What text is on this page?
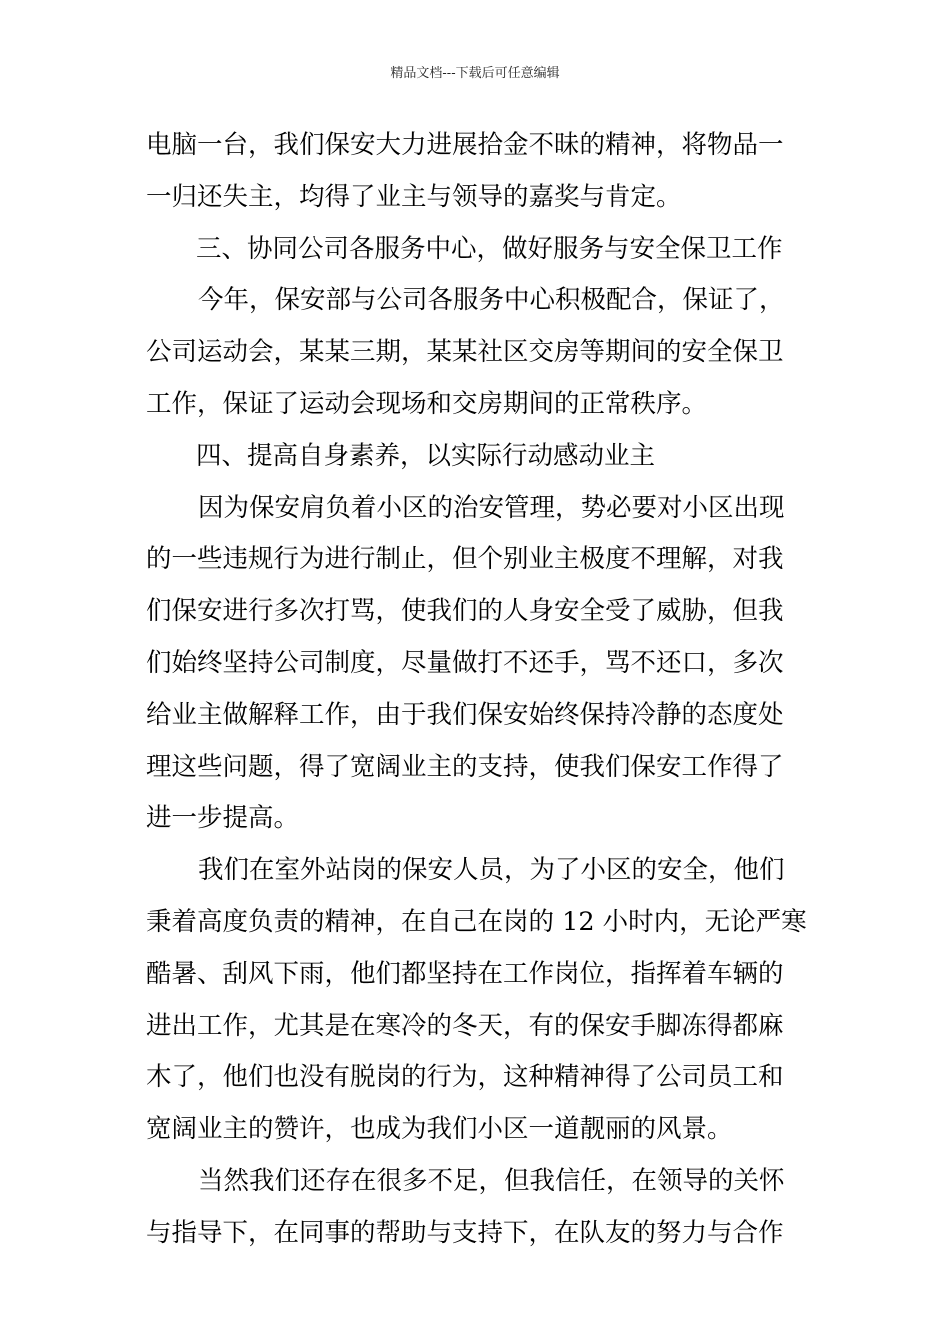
精品文档---下载后可任意编辑
电脑一台，我们保安大力进展拾金不昧的精神，将物品一
一归还失主，均得了业主与领导的嘉奖与肯定。
三、协同公司各服务中心，做好服务与安全保卫工作
今年，保安部与公司各服务中心积极配合，保证了，
公司运动会，某某三期，某某社区交房等期间的安全保卫
工作，保证了运动会现场和交房期间的正常秩序。
四、提高自身素养，以实际行动感动业主
因为保安肩负着小区的治安管理，势必要对小区出现
的一些违规行为进行制止，但个别业主极度不理解，对我
们保安进行多次打骂，使我们的人身安全受了威胁，但我
们始终坚持公司制度，尽量做打不还手，骂不还口，多次
给业主做解释工作，由于我们保安始终保持冷静的态度处
理这些问题，得了宽阔业主的支持，使我们保安工作得了
进一步提高。
我们在室外站岗的保安人员，为了小区的安全，他们
秉着高度负责的精神，在自己在岗的 12 小时内，无论严寒
酷暑、刮风下雨，他们都坚持在工作岗位，指挥着车辆的
进出工作，尤其是在寒冷的冬天，有的保安手脚冻得都麻
木了，他们也没有脱岗的行为，这种精神得了公司员工和
宽阔业主的赞许，也成为我们小区一道靓丽的风景。
当然我们还存在很多不足，但我信任，在领导的关怀
与指导下，在同事的帮助与支持下，在队友的努力与合作
